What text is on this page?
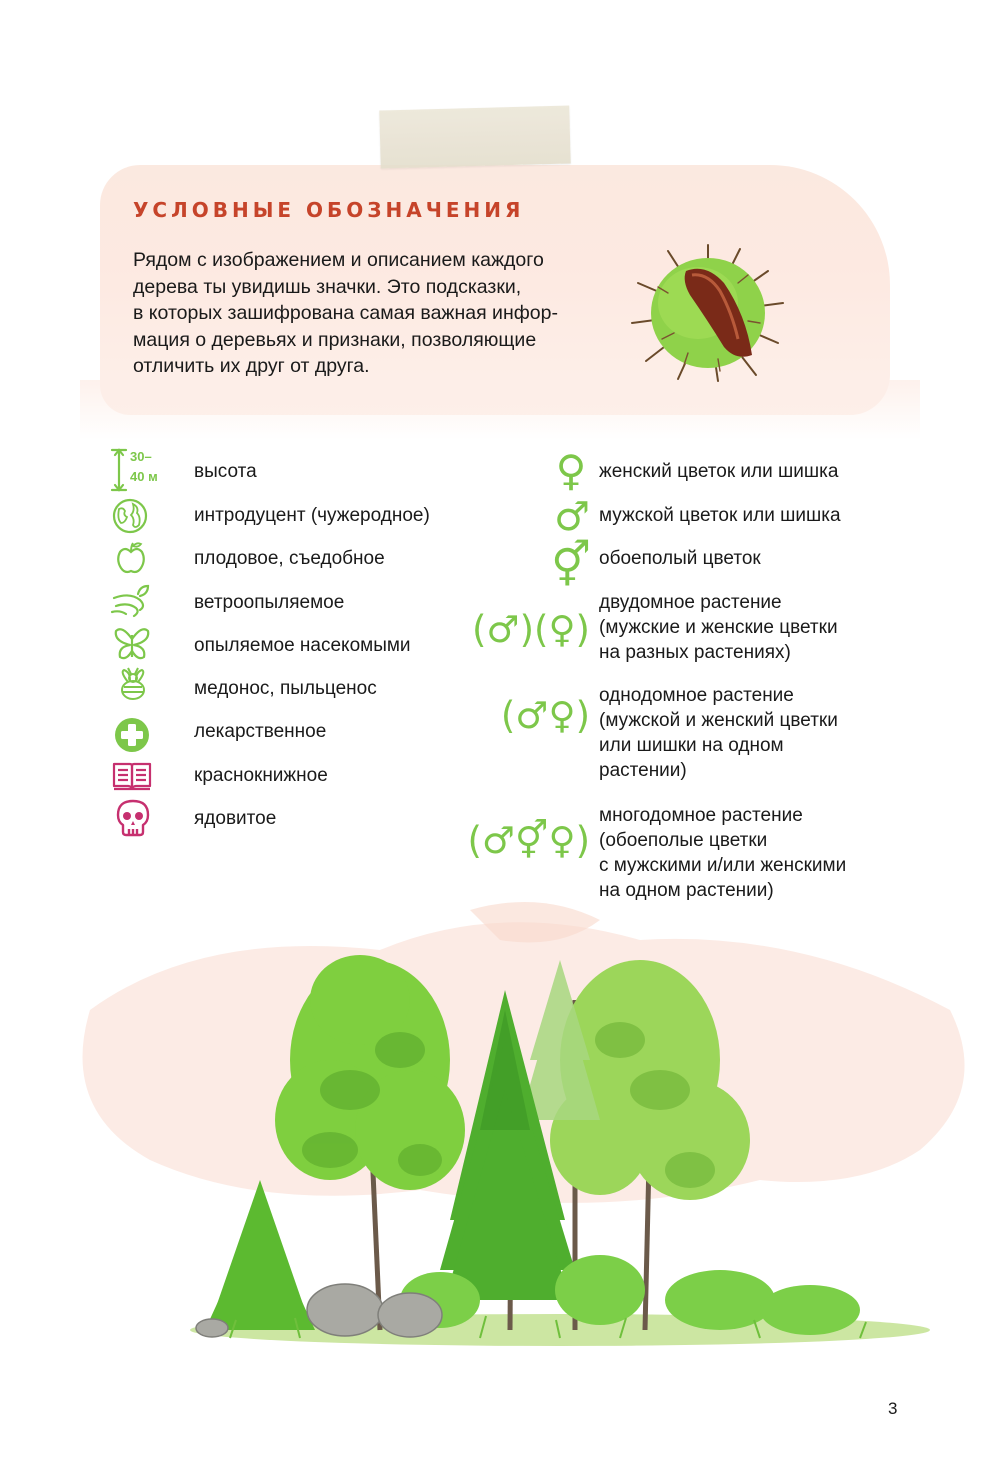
УСЛОВНЫЕ ОБОЗНАЧЕНИЯ
Рядом с изображением и описанием каждого
дерева ты увидишь значки. Это подсказки,
в которых зашифрована самая важная инфор-
мация о деревьях и признаки, позволяющие
отличить их друг от друга.
30–
40 м высота

интродуцент (чужеродное)

плодовое, съедобное

ветроопыляемое

опыляемое насекомыми

медонос, пыльценос

лекарственное

краснокнижное

ядовитое

♀ женский цветок или шишка

♂ мужской цветок или шишка

⚥ обоеполый цветок

(♂)(♀)
двудомное растение
(мужские и женские цветки
на разных растениях)
(♂♀) однодомное растение
(мужской и женский цветки
или шишки на одном
растении)
(♂⚥♀)
многодомное растение
(обоеполые цветки
с мужскими и/или женскими
на одном растении)
3
